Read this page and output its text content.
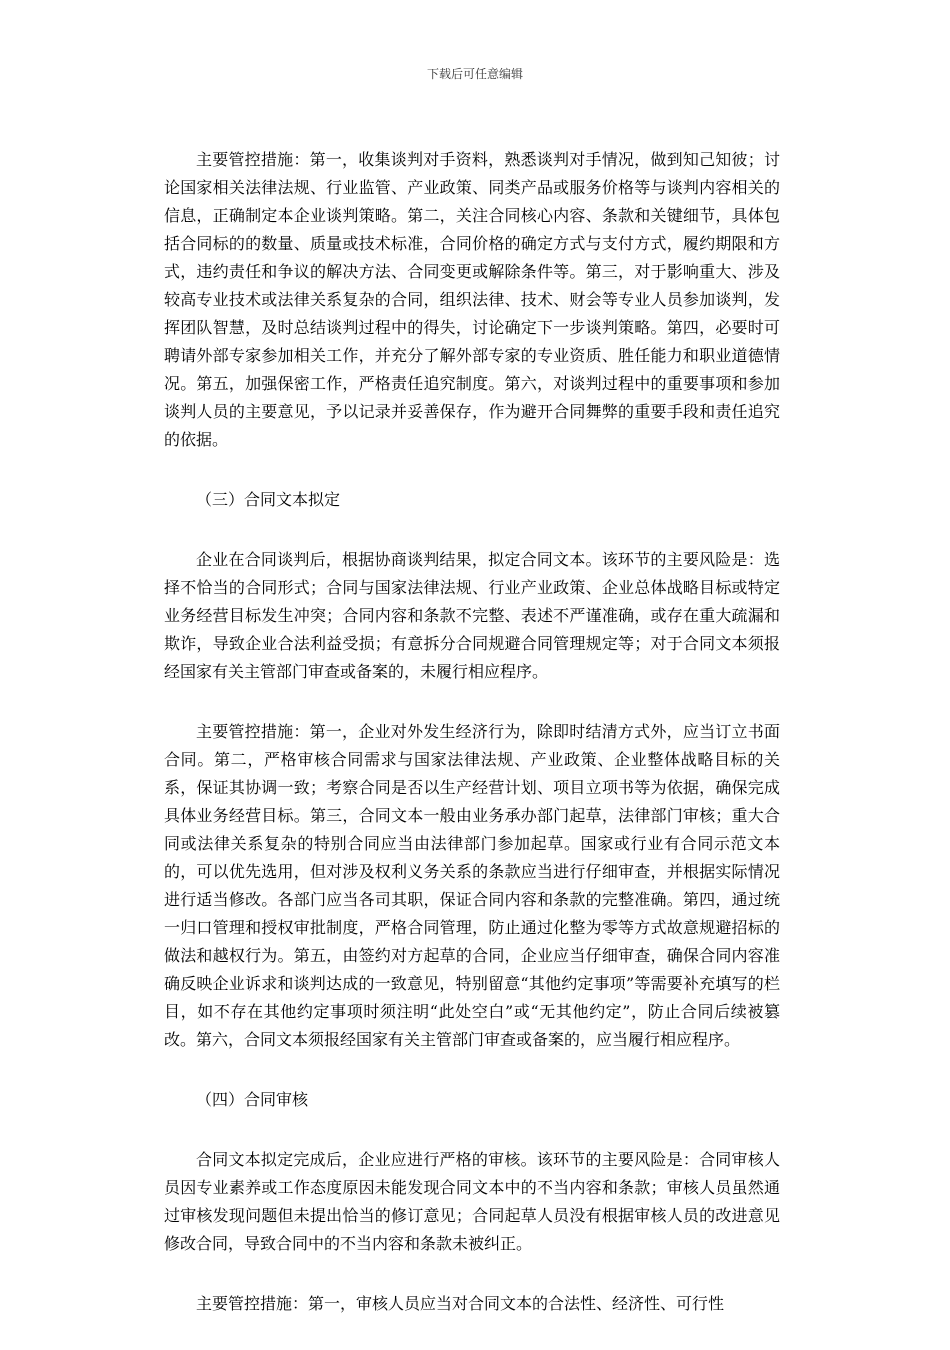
下载后可任意编辑

主要管控措施：第一，收集谈判对手资料，熟悉谈判对手情况，做到知己知彼；讨论国家相关法律法规、行业监管、产业政策、同类产品或服务价格等与谈判内容相关的信息，正确制定本企业谈判策略。第二，关注合同核心内容、条款和关键细节，具体包括合同标的的数量、质量或技术标准，合同价格的确定方式与支付方式，履约期限和方式，违约责任和争议的解决方法、合同变更或解除条件等。第三，对于影响重大、涉及较高专业技术或法律关系复杂的合同，组织法律、技术、财会等专业人员参加谈判，发挥团队智慧，及时总结谈判过程中的得失，讨论确定下一步谈判策略。第四，必要时可聘请外部专家参加相关工作，并充分了解外部专家的专业资质、胜任能力和职业道德情况。第五，加强保密工作，严格责任追究制度。第六，对谈判过程中的重要事项和参加谈判人员的主要意见，予以记录并妥善保存，作为避开合同舞弊的重要手段和责任追究的依据。

（三）合同文本拟定

企业在合同谈判后，根据协商谈判结果，拟定合同文本。该环节的主要风险是：选择不恰当的合同形式；合同与国家法律法规、行业产业政策、企业总体战略目标或特定业务经营目标发生冲突；合同内容和条款不完整、表述不严谨准确，或存在重大疏漏和欺诈，导致企业合法利益受损；有意拆分合同规避合同管理规定等；对于合同文本须报经国家有关主管部门审查或备案的，未履行相应程序。

主要管控措施：第一，企业对外发生经济行为，除即时结清方式外，应当订立书面合同。第二，严格审核合同需求与国家法律法规、产业政策、企业整体战略目标的关系，保证其协调一致；考察合同是否以生产经营计划、项目立项书等为依据，确保完成具体业务经营目标。第三，合同文本一般由业务承办部门起草，法律部门审核；重大合同或法律关系复杂的特别合同应当由法律部门参加起草。国家或行业有合同示范文本的，可以优先选用，但对涉及权利义务关系的条款应当进行仔细审查，并根据实际情况进行适当修改。各部门应当各司其职，保证合同内容和条款的完整准确。第四，通过统一归口管理和授权审批制度，严格合同管理，防止通过化整为零等方式故意规避招标的做法和越权行为。第五，由签约对方起草的合同，企业应当仔细审查，确保合同内容准确反映企业诉求和谈判达成的一致意见，特别留意“其他约定事项”等需要补充填写的栏目，如不存在其他约定事项时须注明“此处空白”或“无其他约定”，防止合同后续被篡改。第六，合同文本须报经国家有关主管部门审查或备案的，应当履行相应程序。

（四）合同审核

合同文本拟定完成后，企业应进行严格的审核。该环节的主要风险是：合同审核人员因专业素养或工作态度原因未能发现合同文本中的不当内容和条款；审核人员虽然通过审核发现问题但未提出恰当的修订意见；合同起草人员没有根据审核人员的改进意见修改合同，导致合同中的不当内容和条款未被纠正。

主要管控措施：第一，审核人员应当对合同文本的合法性、经济性、可行性
